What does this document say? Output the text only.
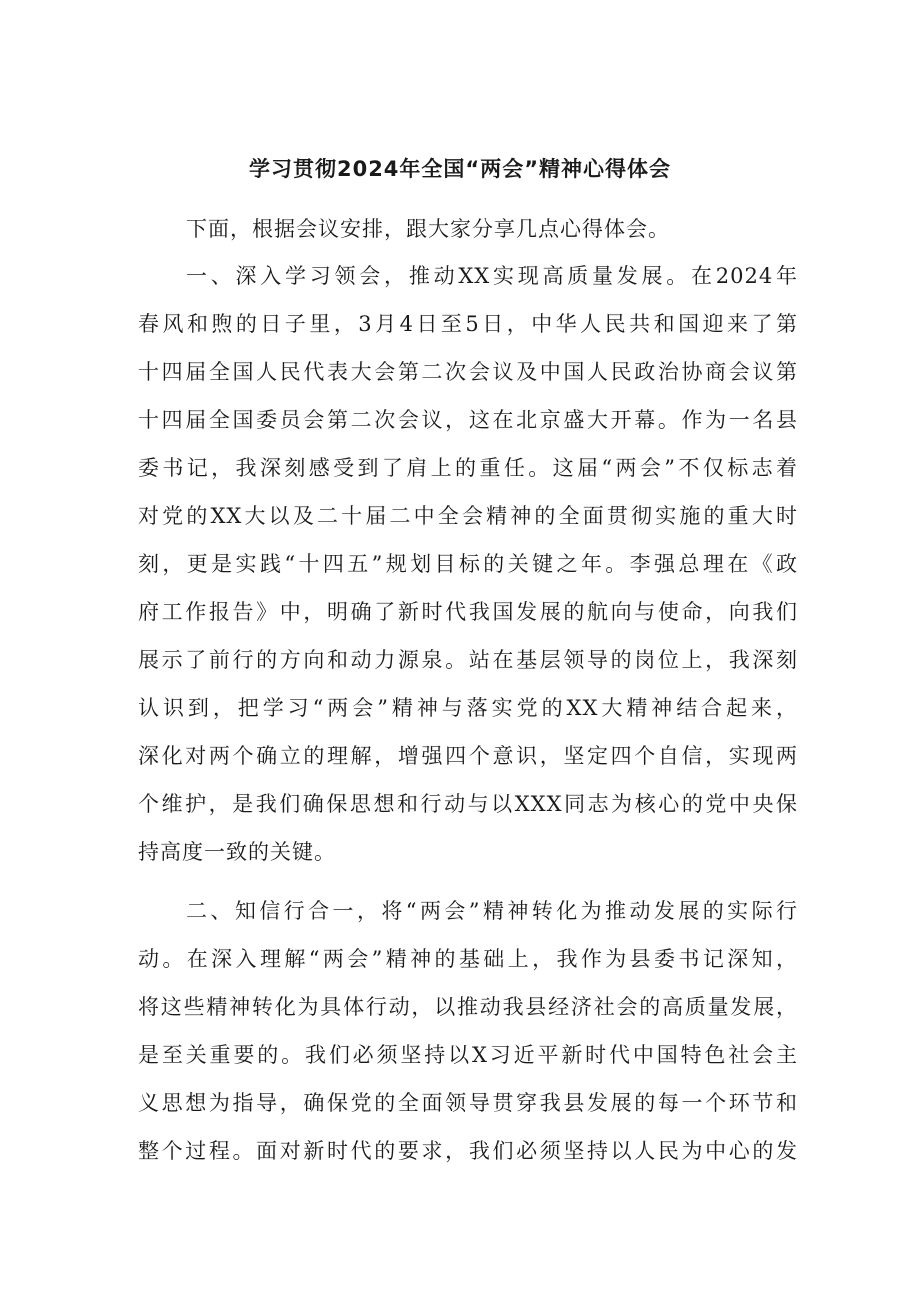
学习贯彻2024年全国“两会”精神心得体会

下面，根据会议安排，跟大家分享几点心得体会。

一、深入学习领会，推动XX实现高质量发展。在2024年

春风和煦的日子里，3月4日至5日，中华人民共和国迎来了第

十四届全国人民代表大会第二次会议及中国人民政治协商会议第

十四届全国委员会第二次会议，这在北京盛大开幕。作为一名县

委书记，我深刻感受到了肩上的重任。这届“两会”不仅标志着

对党的XX大以及二十届二中全会精神的全面贯彻实施的重大时

刻，更是实践“十四五”规划目标的关键之年。李强总理在《政

府工作报告》中，明确了新时代我国发展的航向与使命，向我们

展示了前行的方向和动力源泉。站在基层领导的岗位上，我深刻

认识到，把学习“两会”精神与落实党的XX大精神结合起来，

深化对两个确立的理解，增强四个意识，坚定四个自信，实现两

个维护，是我们确保思想和行动与以XXX同志为核心的党中央保

持高度一致的关键。

二、知信行合一，将“两会”精神转化为推动发展的实际行

动。在深入理解“两会”精神的基础上，我作为县委书记深知，

将这些精神转化为具体行动，以推动我县经济社会的高质量发展，

是至关重要的。我们必须坚持以X习近平新时代中国特色社会主

义思想为指导，确保党的全面领导贯穿我县发展的每一个环节和

整个过程。面对新时代的要求，我们必须坚持以人民为中心的发
